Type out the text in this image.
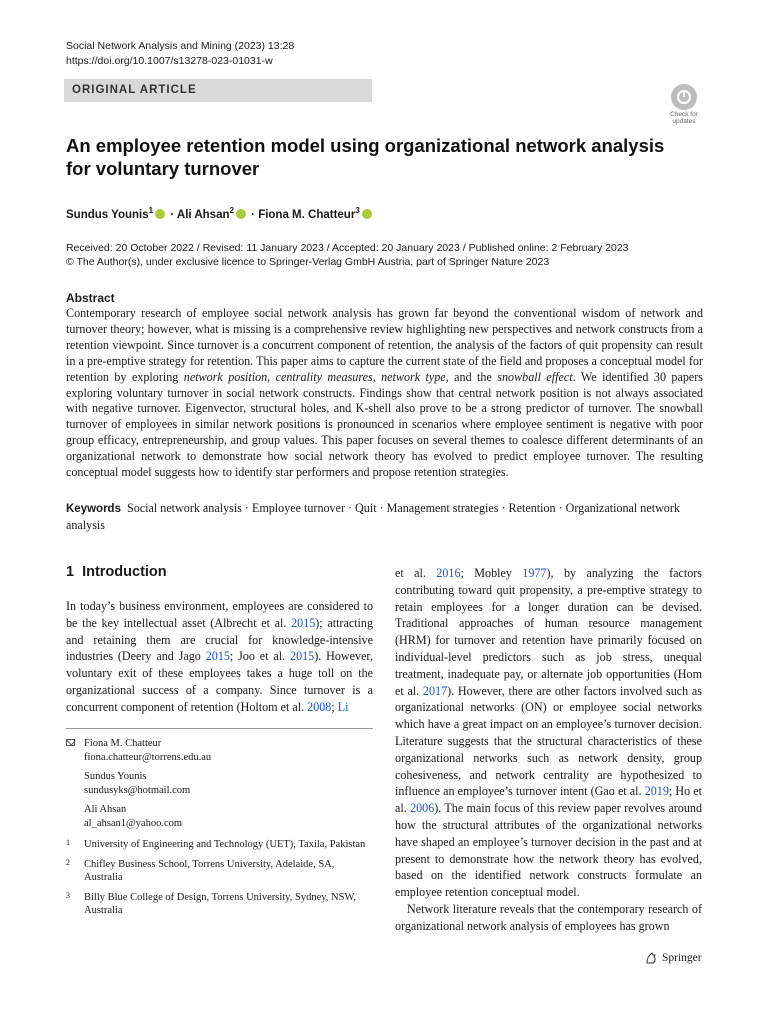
Social Network Analysis and Mining (2023) 13:28
https://doi.org/10.1007/s13278-023-01031-w
ORIGINAL ARTICLE
Check for
updates
An employee retention model using organizational network analysis for voluntary turnover
Sundus Younis$^1$ · Ali Ahsan$^2$ · Fiona M. Chatteur$^3$
Received: 20 October 2022 / Revised: 11 January 2023 / Accepted: 20 January 2023 / Published online: 2 February 2023
© The Author(s), under exclusive licence to Springer-Verlag GmbH Austria, part of Springer Nature 2023
Abstract
Contemporary research of employee social network analysis has grown far beyond the conventional wisdom of network and turnover theory; however, what is missing is a comprehensive review highlighting new perspectives and network constructs from a retention viewpoint. Since turnover is a concurrent component of retention, the analysis of the factors of quit propensity can result in a pre-emptive strategy for retention. This paper aims to capture the current state of the field and proposes a conceptual model for retention by exploring network position, centrality measures, network type, and the snowball effect. We identified 30 papers exploring voluntary turnover in social network constructs. Findings show that central network position is not always associated with negative turnover. Eigenvector, structural holes, and K-shell also prove to be a strong predictor of turnover. The snowball turnover of employees in similar network positions is pronounced in scenarios where employee sentiment is negative with poor group efficacy, entrepreneurship, and group values. This paper focuses on several themes to coalesce different determinants of an organizational network to demonstrate how social network theory has evolved to predict employee turnover. The resulting conceptual model suggests how to identify star performers and propose retention strategies.
Keywords Social network analysis · Employee turnover · Quit · Management strategies · Retention · Organizational network analysis
1 Introduction

In today’s business environment, employees are considered to be the key intellectual asset (Albrecht et al. 2015); attracting and retaining them are crucial for knowledge-intensive industries (Deery and Jago 2015; Joo et al. 2015). However, voluntary exit of these employees takes a huge toll on the organizational success of a company. Since turnover is a concurrent component of retention (Holtom et al. 2008; Li

et al. 2016; Mobley 1977), by analyzing the factors contributing toward quit propensity, a pre-emptive strategy to retain employees for a longer duration can be devised. Traditional approaches of human resource management (HRM) for turnover and retention have primarily focused on individual-level predictors such as job stress, unequal treatment, inadequate pay, or alternate job opportunities (Hom et al. 2017). However, there are other factors involved such as organizational networks (ON) or employee social networks which have a great impact on an employee’s turnover decision. Literature suggests that the structural characteristics of these organizational networks such as network density, group cohesiveness, and network centrality are hypothesized to influence an employee’s turnover intent (Gao et al. 2019; Ho et al. 2006). The main focus of this review paper revolves around how the structural attributes of the organizational networks have shaped an employee’s turnover decision in the past and at present to demonstrate how the network theory has evolved, based on the identified network constructs formulate an employee retention conceptual model.

Network literature reveals that the contemporary research of organizational network analysis of employees has grown

Fiona M. Chatteur
fiona.chatteur@torrens.edu.au
Sundus Younis
sundusyks@hotmail.com
Ali Ahsan
al_ahsan1@yahoo.com
1 University of Engineering and Technology (UET), Taxila, Pakistan
2 Chifley Business School, Torrens University, Adelaide, SA, Australia
3 Billy Blue College of Design, Torrens University, Sydney, NSW, Australia
Springer
